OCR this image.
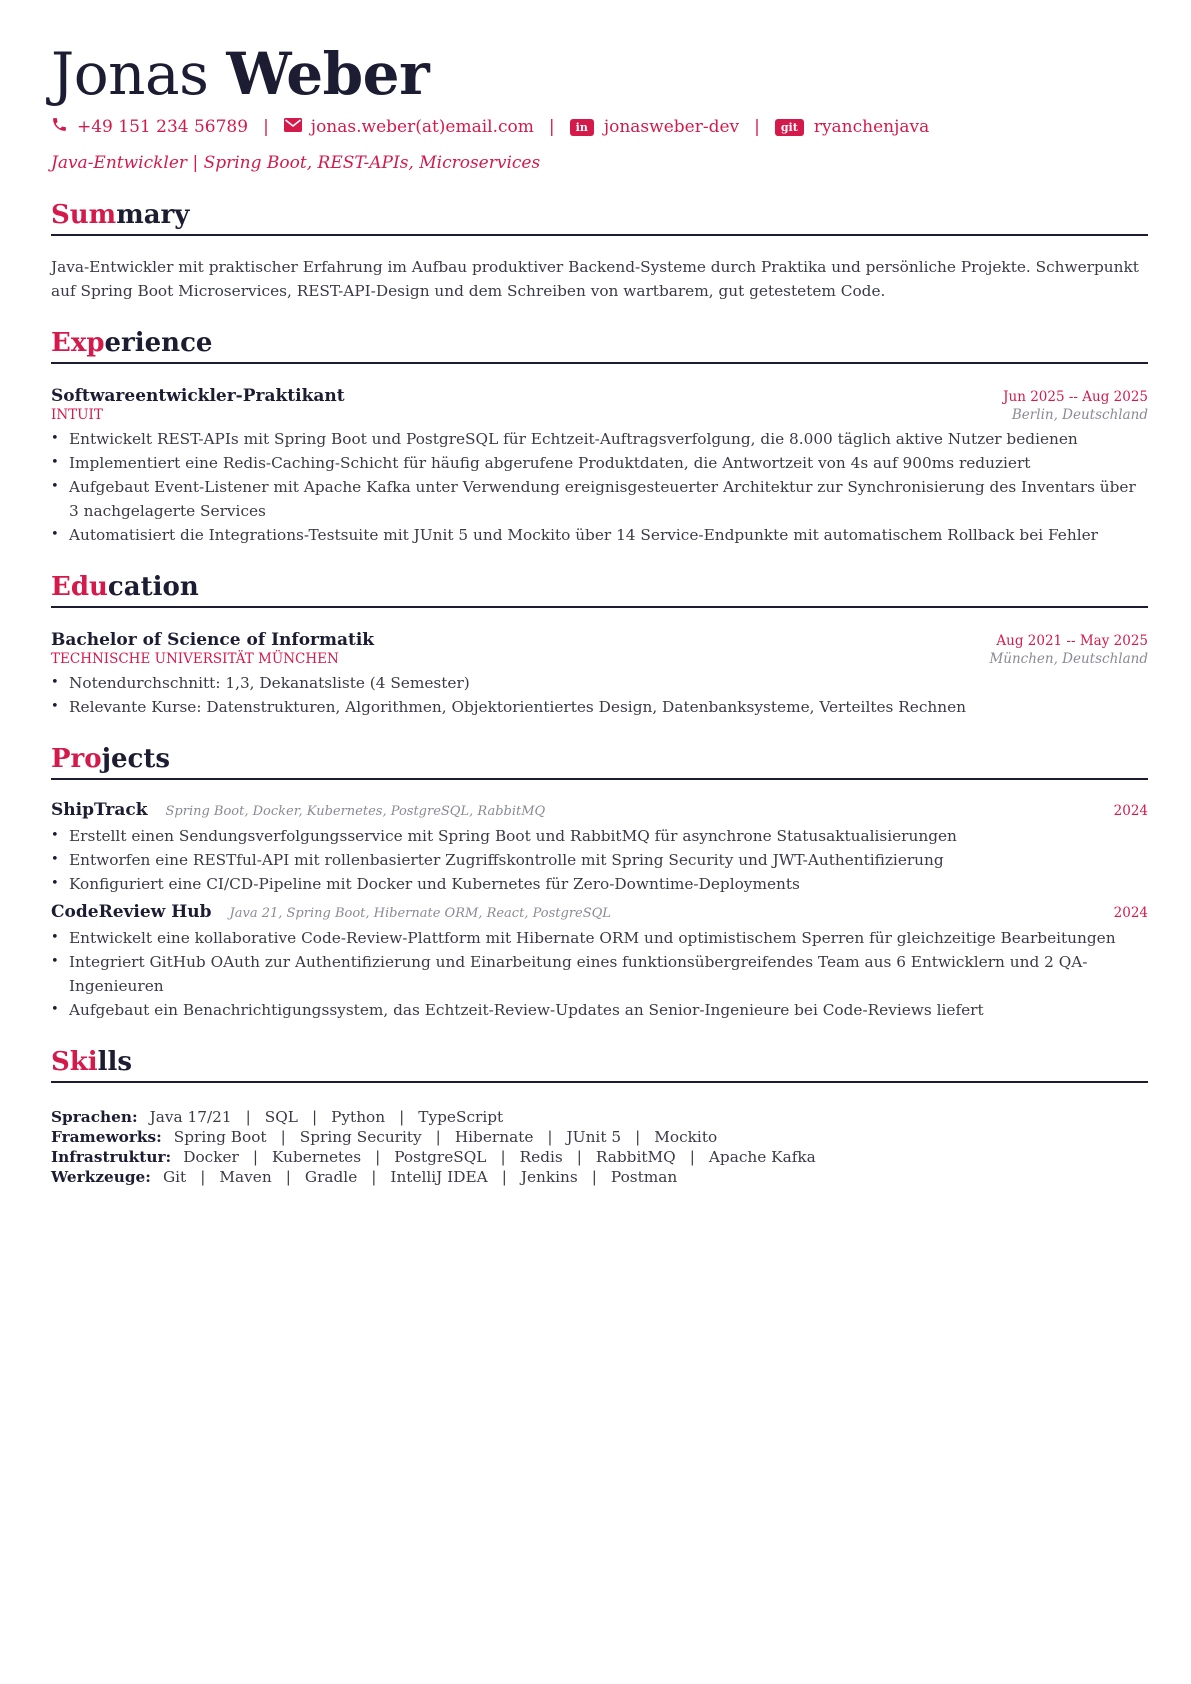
Jonas Weber
+49 151 234 56789 | jonas.weber(at)email.com |	in jonasweber-dev |	git ryanchenjava
Java-Entwickler | Spring Boot, REST-APIs, Microservices
Summary
Java-Entwickler mit praktischer Erfahrung im Aufbau produktiver Backend-Systeme durch Praktika und persönliche Projekte. Schwerpunkt auf Spring Boot Microservices, REST-API-Design und dem Schreiben von wartbarem, gut getestetem Code.
Experience
Softwareentwickler-Praktikant	Jun 2025 -- Aug 2025
INTUIT	Berlin, Deutschland
• Entwickelt REST-APIs mit Spring Boot und PostgreSQL für Echtzeit-Auftragsverfolgung, die 8.000 täglich aktive Nutzer bedienen
• Implementiert eine Redis-Caching-Schicht für häufig abgerufene Produktdaten, die Antwortzeit von 4s auf 900ms reduziert
• Aufgebaut Event-Listener mit Apache Kafka unter Verwendung ereignisgesteuerter Architektur zur Synchronisierung des Inventars über 3 nachgelagerte Services
• Automatisiert die Integrations-Testsuite mit JUnit 5 und Mockito über 14 Service-Endpunkte mit automatischem Rollback bei Fehler
Education
Bachelor of Science of Informatik	Aug 2021 -- May 2025
TECHNISCHE UNIVERSITÄT MÜNCHEN	München, Deutschland
• Notendurchschnitt: 1,3, Dekanatsliste (4 Semester)
• Relevante Kurse: Datenstrukturen, Algorithmen, Objektorientiertes Design, Datenbanksysteme, Verteiltes Rechnen
Projects
ShipTrack Spring Boot, Docker, Kubernetes, PostgreSQL, RabbitMQ	2024
• Erstellt einen Sendungsverfolgungsservice mit Spring Boot und RabbitMQ für asynchrone Statusaktualisierungen
• Entworfen eine RESTful-API mit rollenbasierter Zugriffskontrolle mit Spring Security und JWT-Authentifizierung
• Konfiguriert eine CI/CD-Pipeline mit Docker und Kubernetes für Zero-Downtime-Deployments
CodeReview Hub Java 21, Spring Boot, Hibernate ORM, React, PostgreSQL	2024
• Entwickelt eine kollaborative Code-Review-Plattform mit Hibernate ORM und optimistischem Sperren für gleichzeitige Bearbeitungen
• Integriert GitHub OAuth zur Authentifizierung und Einarbeitung eines funktionsübergreifendes Team aus 6 Entwicklern und 2 QA-Ingenieuren
• Aufgebaut ein Benachrichtigungssystem, das Echtzeit-Review-Updates an Senior-Ingenieure bei Code-Reviews liefert
Skills
Sprachen: Java 17/21 | SQL | Python | TypeScript
Frameworks: Spring Boot | Spring Security | Hibernate | JUnit 5 | Mockito
Infrastruktur: Docker | Kubernetes | PostgreSQL | Redis | RabbitMQ | Apache Kafka
Werkzeuge: Git | Maven | Gradle | IntelliJ IDEA | Jenkins | Postman
